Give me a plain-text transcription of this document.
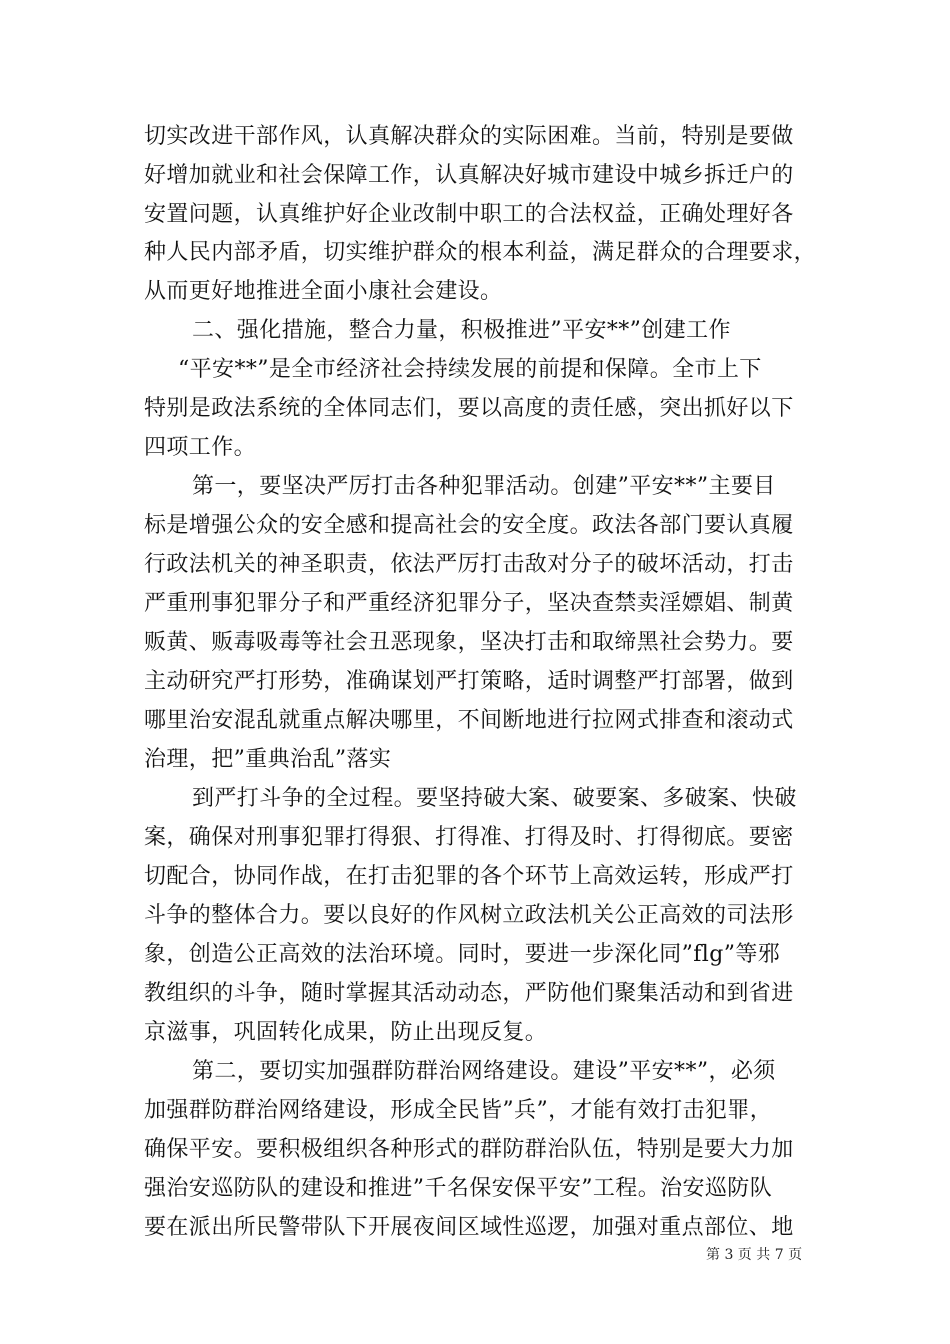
切实改进干部作风，认真解决群众的实际困难。当前，特别是要做
好增加就业和社会保障工作，认真解决好城市建设中城乡拆迁户的
安置问题，认真维护好企业改制中职工的合法权益，正确处理好各
种人民内部矛盾，切实维护群众的根本利益，满足群众的合理要求，
从而更好地推进全面小康社会建设。
二、强化措施，整合力量，积极推进”平安**”创建工作
“平安**”是全市经济社会持续发展的前提和保障。全市上下
特别是政法系统的全体同志们，要以高度的责任感，突出抓好以下
四项工作。
第一，要坚决严厉打击各种犯罪活动。创建”平安**”主要目
标是增强公众的安全感和提高社会的安全度。政法各部门要认真履
行政法机关的神圣职责，依法严厉打击敌对分子的破坏活动，打击
严重刑事犯罪分子和严重经济犯罪分子，坚决查禁卖淫嫖娼、制黄
贩黄、贩毒吸毒等社会丑恶现象，坚决打击和取缔黑社会势力。要
主动研究严打形势，准确谋划严打策略，适时调整严打部署，做到
哪里治安混乱就重点解决哪里，不间断地进行拉网式排查和滚动式
治理，把”重典治乱”落实
到严打斗争的全过程。要坚持破大案、破要案、多破案、快破
案，确保对刑事犯罪打得狠、打得准、打得及时、打得彻底。要密
切配合，协同作战，在打击犯罪的各个环节上高效运转，形成严打
斗争的整体合力。要以良好的作风树立政法机关公正高效的司法形
象，创造公正高效的法治环境。同时，要进一步深化同”flg”等邪
教组织的斗争，随时掌握其活动动态，严防他们聚集活动和到省进
京滋事，巩固转化成果，防止出现反复。
第二，要切实加强群防群治网络建设。建设”平安**”，必须
加强群防群治网络建设，形成全民皆”兵”，才能有效打击犯罪，
确保平安。要积极组织各种形式的群防群治队伍，特别是要大力加
强治安巡防队的建设和推进”千名保安保平安”工程。治安巡防队
要在派出所民警带队下开展夜间区域性巡逻，加强对重点部位、地
第 3 页 共 7 页
